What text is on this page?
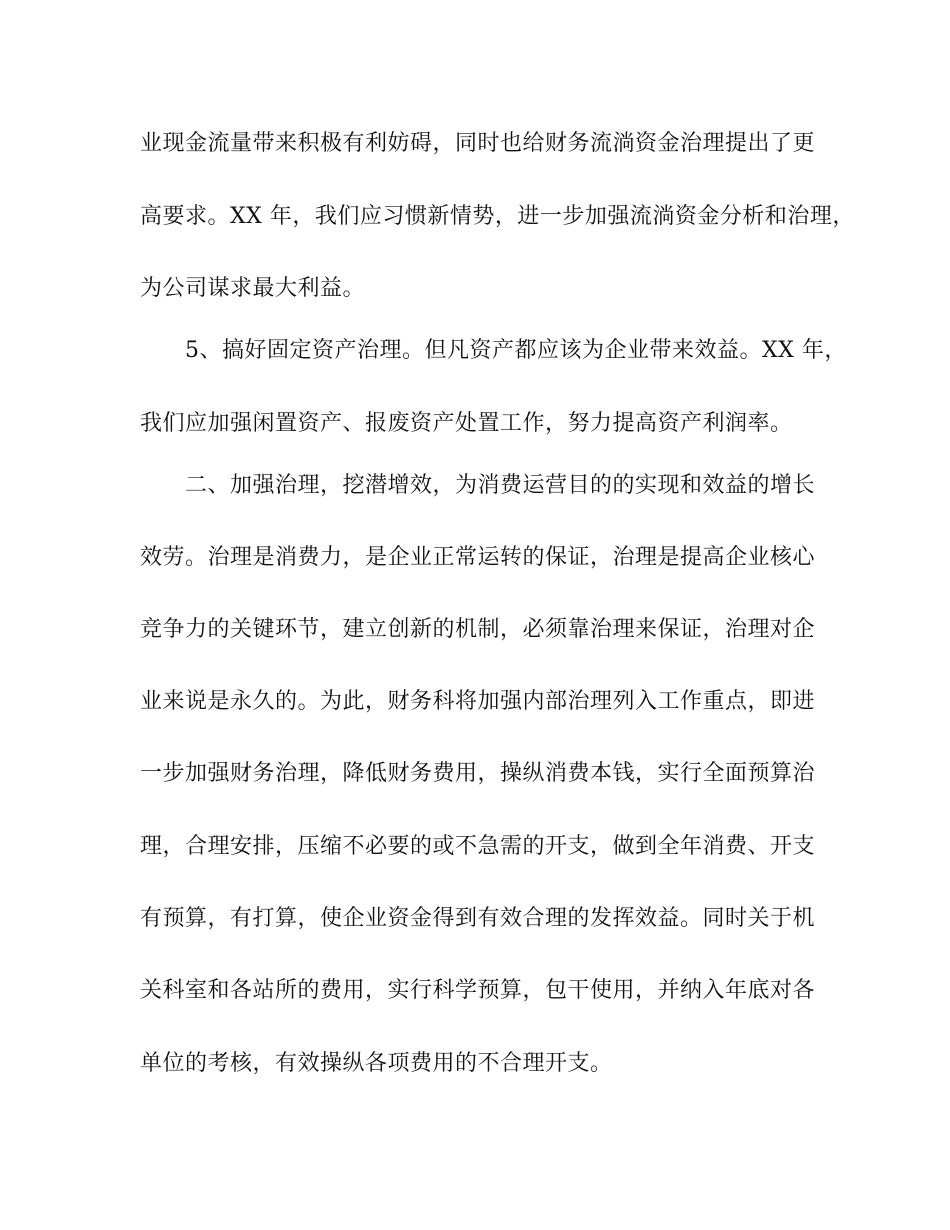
业现金流量带来积极有利妨碍，同时也给财务流淌资金治理提出了更
高要求。XX 年，我们应习惯新情势，进一步加强流淌资金分析和治理，
为公司谋求最大利益。
5、搞好固定资产治理。但凡资产都应该为企业带来效益。XX 年，
我们应加强闲置资产、报废资产处置工作，努力提高资产利润率。
二、加强治理，挖潜增效，为消费运营目的的实现和效益的增长
效劳。治理是消费力，是企业正常运转的保证，治理是提高企业核心
竞争力的关键环节，建立创新的机制，必须靠治理来保证，治理对企
业来说是永久的。为此，财务科将加强内部治理列入工作重点，即进
一步加强财务治理，降低财务费用，操纵消费本钱，实行全面预算治
理，合理安排，压缩不必要的或不急需的开支，做到全年消费、开支
有预算，有打算，使企业资金得到有效合理的发挥效益。同时关于机
关科室和各站所的费用，实行科学预算，包干使用，并纳入年底对各
单位的考核，有效操纵各项费用的不合理开支。
